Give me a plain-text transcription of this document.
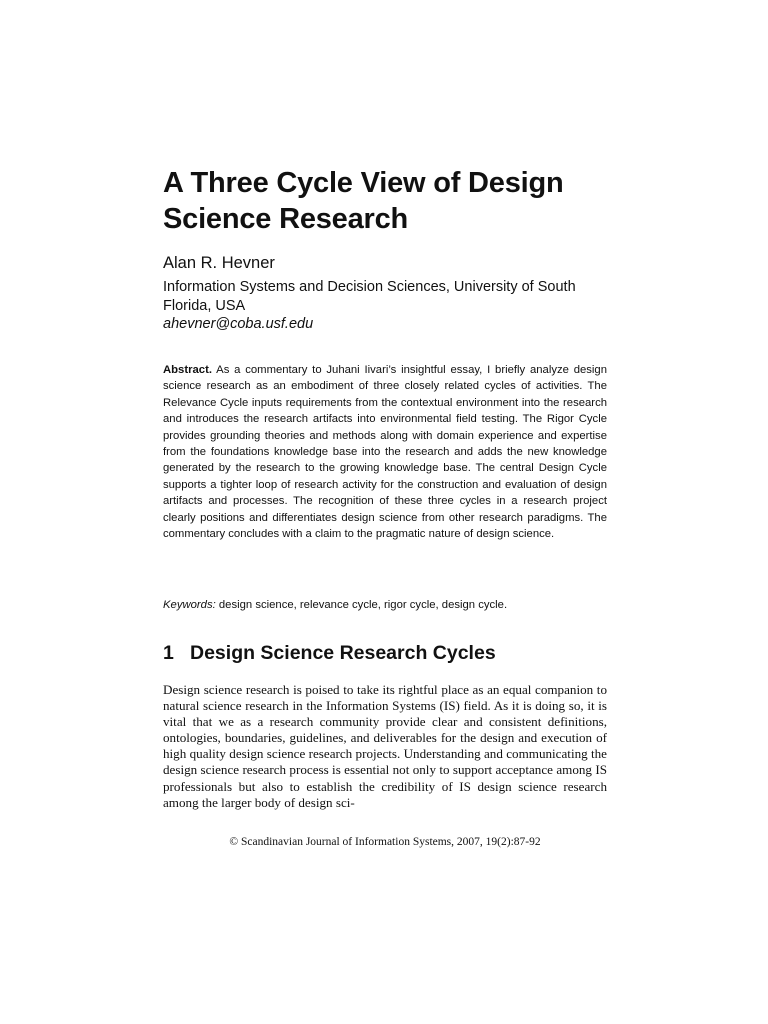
A Three Cycle View of Design Science Research

Alan R. Hevner

Information Systems and Decision Sciences, University of South Florida, USA

ahevner@coba.usf.edu

Abstract. As a commentary to Juhani Iivari’s insightful essay, I briefly analyze design science research as an embodiment of three closely related cycles of activities. The Relevance Cycle inputs requirements from the contextual environment into the research and introduces the research artifacts into environmental field testing. The Rigor Cycle provides grounding theories and methods along with domain experience and expertise from the foundations knowledge base into the research and adds the new knowledge generated by the research to the growing knowledge base. The central Design Cycle supports a tighter loop of research activity for the construction and evaluation of design artifacts and processes. The recognition of these three cycles in a research project clearly positions and differentiates design science from other research paradigms. The commentary concludes with a claim to the pragmatic nature of design science.

Keywords: design science, relevance cycle, rigor cycle, design cycle.

1 Design Science Research Cycles

Design science research is poised to take its rightful place as an equal companion to natural science research in the Information Systems (IS) field. As it is doing so, it is vital that we as a research community provide clear and consistent definitions, ontologies, boundaries, guidelines, and deliverables for the design and execution of high quality design science research projects. Understanding and communicating the design science research process is essential not only to support acceptance among IS professionals but also to establish the credibility of IS design science research among the larger body of design sci-

© Scandinavian Journal of Information Systems, 2007, 19(2):87-92
